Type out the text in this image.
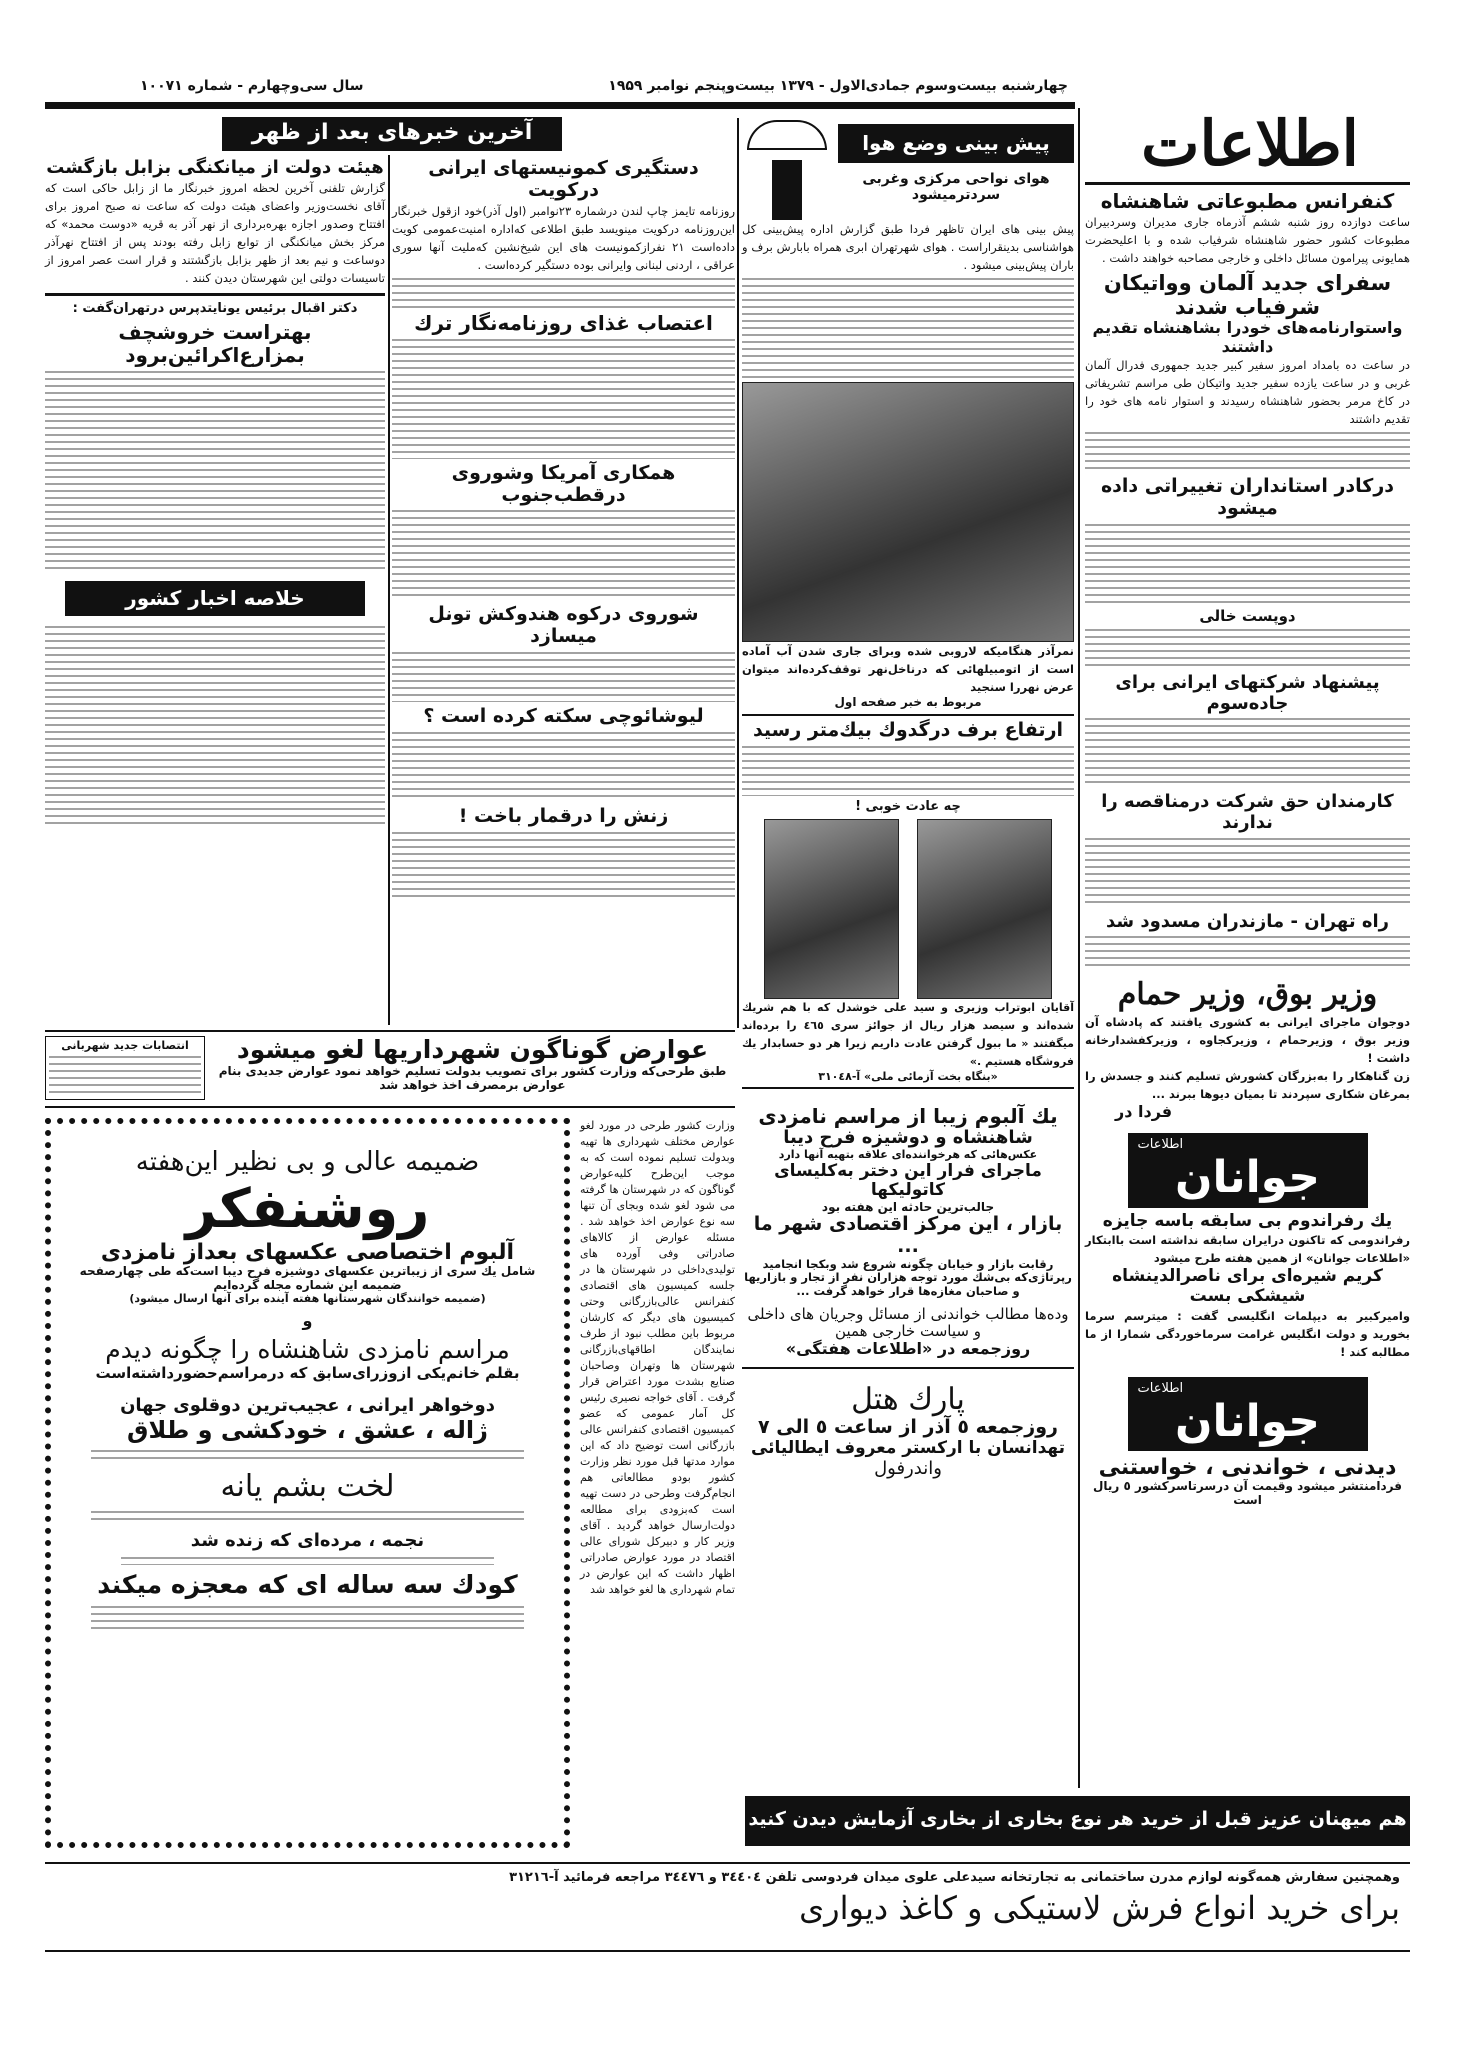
چهارشنبه بیست‌وسوم جمادی‌الاول - ۱۳۷۹ بیست‌وپنجم نوامبر ۱۹۵۹
سال سی‌وچهارم - شماره ۱۰۰۷۱
اطلاعات
آخرین خبرهای بعد از ظهر
کنفرانس مطبوعاتی شاهنشاه
ساعت دوازده روز شنبه ششم آذرماه جاری مدیران وسردبیران مطبوعات کشور حضور شاهنشاه شرفیاب شده و با اعلیحضرت همایونی پیرامون مسائل داخلی و خارجی مصاحبه خواهند داشت .
سفرای جدید آلمان وواتیکان شرفیاب شدند
واستوارنامه‌های خودرا بشاهنشاه تقدیم داشتند
در ساعت ده بامداد امروز سفیر کبیر جدید جمهوری فدرال آلمان غربی و در ساعت یازده سفیر جدید واتیکان طی مراسم تشریفاتی در کاخ مرمر بحضور شاهنشاه رسیدند و استوار نامه های خود را تقدیم داشتند
درکادر استانداران تغییراتی داده میشود
دوپست خالی
پیشنهاد شرکتهای ایرانی برای جاده‌سوم
کارمندان حق شرکت درمناقصه را ندارند
راه تهران - مازندران مسدود شد
وزیر بوق، وزیر حمام
دوجوان ماجرای ایرانی به کشوری یافتند که پادشاه آن وزیر بوق ، وزیرحمام ، وزیرکجاوه ، وزیرکفشدارخانه داشت !
زن گناهکار را به‌بزرگان کشورش تسلیم کنند و جسدش را بمرغان شکاری سپردند تا بمیان دیوها ببرند ...
فردا در
اطلاعات
جوانان
يك رفراندوم بی سابقه باسه جایزه
رفراندومی که تاکنون درایران سابقه نداشته است باابتکار «اطلاعات جوانان» از همین هفته طرح میشود
کریم شیره‌ای برای ناصرالدینشاه
شیشکی بست
وامیرکبیر به دیپلمات انگلیسی گفت : میترسم سرما بخورید و دولت انگلیس غرامت سرماخوردگی شمارا از ما مطالبه کند !
اطلاعات
جوانان
دیدنی ، خواندنی ، خواستنی
فردامنتشر میشود وقیمت آن درسرتاسرکشور ٥ ریال است
پیش بینی وضع هوا
هوای نواحی مرکزی وغربی سردترمیشود
پیش بینی های ایران تاظهر فردا طبق گزارش اداره پیش‌بینی کل هواشناسی بدینقراراست . هوای شهرتهران ابری همراه بابارش برف و باران پیش‌بینی میشود .
نمرآذر هنگامیکه لاروبی شده وبرای جاری شدن آب آماده است از اتومبیلهائی که درناخل‌نهر توقف‌کرده‌اند میتوان عرض نهررا سنجید
مربوط به خبر صفحه اول
ارتفاع برف درگدوك بیك‌متر رسید
چه عادت خوبی !
آقایان ابوتراب وزیری و سید علی خوشدل که با هم شریك شده‌اند و سیصد هزار ریال از جوائز سری ٤٦٥ را برده‌اند میگفتند « ما ببول گرفتن عادت داریم زیرا هر دو حسابدار یك فروشگاه هستیم .»
«بنگاه بخت آزمائی ملی» آ-۳۱۰٤۸
يك آلبوم زیبا از مراسم نامزدی
شاهنشاه و دوشیزه فرح دیبا
عکس‌هائی که هرخواننده‌ای علاقه بتهیه آنها دارد
ماجرای فرار این دختر به‌کلیسای کاتولیکها
جالب‌ترین حادثه این هفته بود
بازار ، این مرکز اقتصادی شهر ما ...
رقابت بازار و خیابان چگونه شروع شد وبکجا انجامید رپرتاژی‌که بی‌شك مورد توجه هزاران نفر از تجار و بازاریها و صاحبان مغازه‌ها قرار خواهد گرفت ...
وده‌ها مطالب خواندنی از مسائل وجریان های داخلی و سیاست خارجی همین
روزجمعه در «اطلاعات هفتگی»
پارك هتل
روزجمعه ٥ آذر از ساعت ٥ الی ٧
تهدانسان با ارکستر معروف ایطالیائی
واندرفول
دستگیری کمونیستهای ایرانی درکویت
روزنامه تایمز چاپ لندن درشماره ۲۳نوامبر (اول آذر)خود ازقول خبرنگار این‌روزنامه درکویت مینویسد طبق اطلاعی که‌اداره امنیت‌عمومی کویت داده‌است ۲۱ نفرازکمونیست های این شیخ‌نشین که‌ملیت آنها سوری عراقی ، اردنی لبنانی وایرانی بوده دستگیر کرده‌است .
اعتصاب غذای روزنامه‌نگار ترك
همکاری آمریکا وشوروی درقطب‌جنوب
شوروی درکوه هندوکش تونل میسازد
لیوشائوچی سکته کرده است ؟
زنش را درقمار باخت !
هیئت دولت از میانکنگی بزابل بازگشت
گزارش تلفنی آخرین لحظه امروز خبرنگار ما از زابل حاکی است که آقای نخست‌وزیر واعضای هیئت دولت که ساعت نه صبح امروز برای افتتاح وصدور اجازه بهره‌برداری از نهر آذر به قریه «دوست محمد» که مرکز بخش میانکنگی از توابع زابل رفته بودند پس از افتتاح نهرآذر دوساعت و نیم بعد از ظهر بزابل بازگشتند و قرار است عصر امروز از تاسیسات دولتی این شهرستان دیدن کنند .
دکتر اقبال برئیس یونایتدپرس درتهران‌گفت :
بهتراست خروشچف بمزارع‌اکرائین‌برود
خلاصه اخبار کشور
انتصابات جدید شهربانی	عوارض گوناگون شهرداریها لغو میشود
طبق طرحی‌که وزارت کشور برای تصویب بدولت تسلیم خواهد نمود عوارض جدیدی بنام عوارض برمصرف اخذ خواهد شد
وزارت کشور طرحی در مورد لغو عوارض مختلف شهرداری ها تهیه وبدولت تسلیم نموده است که به موجب این‌طرح کلیه‌عوارض گوناگون که در شهرستان ها گرفته می شود لغو شده وبجای آن تنها سه نوع عوارض اخذ خواهد شد . مسئله عوارض از کالاهای صادراتی وفی آورده های تولیدی‌داخلی در شهرستان ها در جلسه کمیسیون های اقتصادی کنفرانس عالی‌بازرگانی وحتی کمیسیون های دیگر که کارشان مربوط باین مطلب نبود از طرف نمایندگان اطاقهای‌بازرگانی شهرستان ها وتهران وصاحبان صنایع بشدت مورد اعتراض قرار گرفت . آقای خواجه نصیری رئیس کل آمار عمومی که عضو کمیسیون اقتصادی کنفرانس عالی بازرگانی است توضیح داد که این موارد مدتها قبل مورد نظر وزارت کشور بودو مطالعاتی هم انجام‌گرفت وطرحی در دست تهیه است که‌بزودی برای مطالعه دولت‌ارسال خواهد گردید . آقای وزیر کار و دبیرکل شورای عالی اقتصاد در مورد عوارض صادراتی اظهار داشت که این عوارض در تمام شهرداری ها لغو خواهد شد
ضمیمه عالی و بی نظیر این‌هفته
روشنفکر
آلبوم اختصاصی عکسهای بعداز نامزدی
شامل یك سری از زیباترین عکسهای دوشیزه فرح دیبا است‌که طی چهارصفحه ضمیمه این شماره مجله گرده‌ایم
(ضمیمه خوانندگان شهرستانها هفته آینده برای آنها ارسال میشود)
و
مراسم نامزدی شاهنشاه را چگونه دیدم
بقلم خانم‌یکی ازوزرای‌سابق که درمراسم‌حضورداشته‌است
دوخواهر ایرانی ، عجیب‌ترین دوقلوی جهان
ژاله ، عشق ، خودکشی و طلاق
لخت بشم یانه
نجمه ، مرده‌ای که زنده شد
کودك سه ساله ای که معجزه میکند
هم میهنان عزیز قبل از خرید هر نوع بخاری از بخاری آزمایش دیدن کنید
وهمچنین سفارش همه‌گونه لوازم مدرن ساختمانی به تجارتخانه سیدعلی علوی میدان فردوسی تلفن ۳٤٤٠٤ و ۳٤٤۷٦ مراجعه فرمائید آ-۳۱۲۱٦
برای خرید انواع فرش لاستیکی و کاغذ دیواری
